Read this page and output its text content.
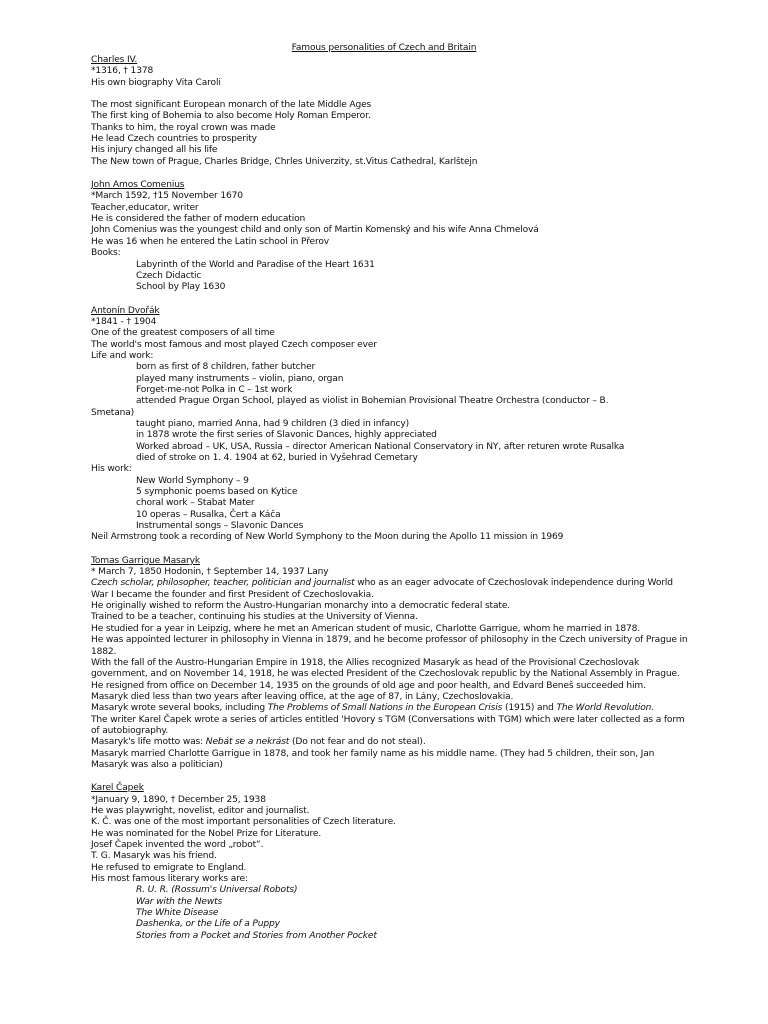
Famous personalities of Czech and Britain
Charles IV.
*1316, † 1378
His own biography Vita Caroli
The most significant European monarch of the late Middle Ages
The first king of Bohemia to also become Holy Roman Emperor.
Thanks to him, the royal crown was made
He lead Czech countries to prosperity
His injury changed all his life
The New town of Prague, Charles Bridge, Chrles Univerzity, st.Vitus Cathedral, Karlštejn
John Amos Comenius
*March 1592, †15 November 1670
Teacher,educator, writer
He is considered the father of modern education
John Comenius was the youngest child and only son of Martin Komenský and his wife Anna Chmelová
He was 16 when he entered the Latin school in Přerov
Books:
Labyrinth of the World and Paradise of the Heart 1631
Czech Didactic
School by Play 1630
Antonín Dvořák
*1841 - † 1904
One of the greatest composers of all time
The world's most famous and most played Czech composer ever
Life and work:
born as first of 8 children, father butcher
played many instruments – violin, piano, organ
Forget-me-not Polka in C – 1st work
attended Prague Organ School, played as violist in Bohemian Provisional Theatre Orchestra (conductor – B.
Smetana)
taught piano, married Anna, had 9 children (3 died in infancy)
in 1878 wrote the first series of Slavonic Dances, highly appreciated
Worked abroad – UK, USA, Russia – director American National Conservatory in NY, after returen wrote Rusalka
died of stroke on 1. 4. 1904 at 62, buried in Vyšehrad Cemetary
His work:
New World Symphony – 9
5 symphonic poems based on Kytice
choral work – Stabat Mater
10 operas – Rusalka, Čert a Káča
Instrumental songs – Slavonic Dances
Neil Armstrong took a recording of New World Symphony to the Moon during the Apollo 11 mission in 1969
Tomas Garrigue Masaryk
* March 7, 1850 Hodonin, † September 14, 1937 Lany
Czech scholar, philosopher, teacher, politician and journalist who as an eager advocate of Czechoslovak independence during World War I became the founder and first President of Czechoslovakia.
He originally wished to reform the Austro-Hungarian monarchy into a democratic federal state.
Trained to be a teacher, continuing his studies at the University of Vienna.
He studied for a year in Leipzig, where he met an American student of music, Charlotte Garrigue, whom he married in 1878.
He was appointed lecturer in philosophy in Vienna in 1879, and he become professor of philosophy in the Czech university of Prague in 1882.
With the fall of the Austro-Hungarian Empire in 1918, the Allies recognized Masaryk as head of the Provisional Czechoslovak government, and on November 14, 1918, he was elected President of the Czechoslovak republic by the National Assembly in Prague.
He resigned from office on December 14, 1935 on the grounds of old age and poor health, and Edvard Beneš succeeded him.
Masaryk died less than two years after leaving office, at the age of 87, in Lány, Czechoslovakia.
Masaryk wrote several books, including The Problems of Small Nations in the European Crisis (1915) and The World Revolution.
The writer Karel Čapek wrote a series of articles entitled 'Hovory s TGM (Conversations with TGM) which were later collected as a form of autobiography.
Masaryk's life motto was: Nebát se a nekrást (Do not fear and do not steal).
Masaryk married Charlotte Garrigue in 1878, and took her family name as his middle name. (They had 5 children, their son, Jan Masaryk was also a politician)
Karel Čapek
*January 9, 1890, † December 25, 1938
He was playwright, novelist, editor and journalist.
K. Č. was one of the most important personalities of Czech literature.
He was nominated for the Nobel Prize for Literature.
Josef Čapek invented the word „robot“.
T. G. Masaryk was his friend.
He refused to emigrate to England.
His most famous literary works are:
R. U. R. (Rossum's Universal Robots)
War with the Newts
The White Disease
Dashenka, or the Life of a Puppy
Stories from a Pocket and Stories from Another Pocket
